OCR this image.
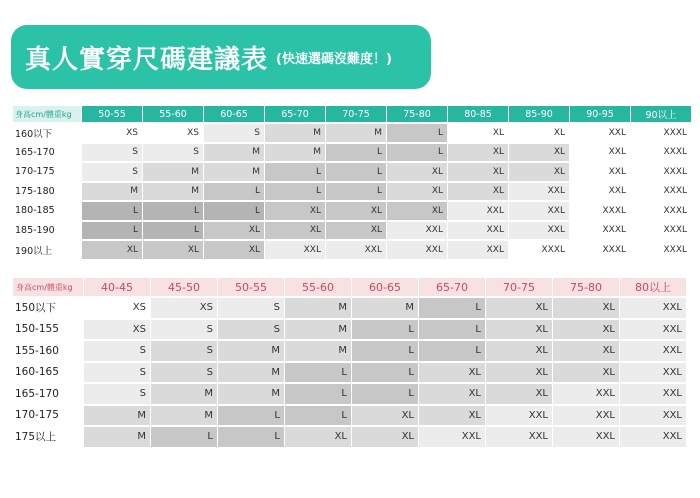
真人實穿尺碼建議表 (快速選碼沒難度！)
身高cm/體重kg	50-55	55-60	60-65	65-70	70-75	75-80	80-85	85-90	90-95	90以上
160以下	XS	XS	S	M	M	L	XL	XL	XXL	XXXL
165-170	S	S	M	M	L	L	XL	XL	XXL	XXXL
170-175	S	M	M	L	L	XL	XL	XL	XXL	XXXL
175-180	M	M	L	L	L	XL	XL	XXL	XXL	XXXL
180-185	L	L	L	XL	XL	XL	XXL	XXL	XXXL	XXXL
185-190	L	L	XL	XL	XL	XXL	XXL	XXL	XXXL	XXXL
190以上	XL	XL	XL	XXL	XXL	XXL	XXL	XXXL	XXXL	XXXL
身高cm/體重kg	40-45	45-50	50-55	55-60	60-65	65-70	70-75	75-80	80以上
150以下	XS	XS	S	M	M	L	XL	XL	XXL
150-155	XS	S	S	M	L	L	XL	XL	XXL
155-160	S	S	M	M	L	L	XL	XL	XXL
160-165	S	S	M	L	L	XL	XL	XL	XXL
165-170	S	M	M	L	L	XL	XL	XXL	XXL
170-175	M	M	L	L	XL	XL	XXL	XXL	XXL
175以上	M	L	L	XL	XL	XXL	XXL	XXL	XXL
